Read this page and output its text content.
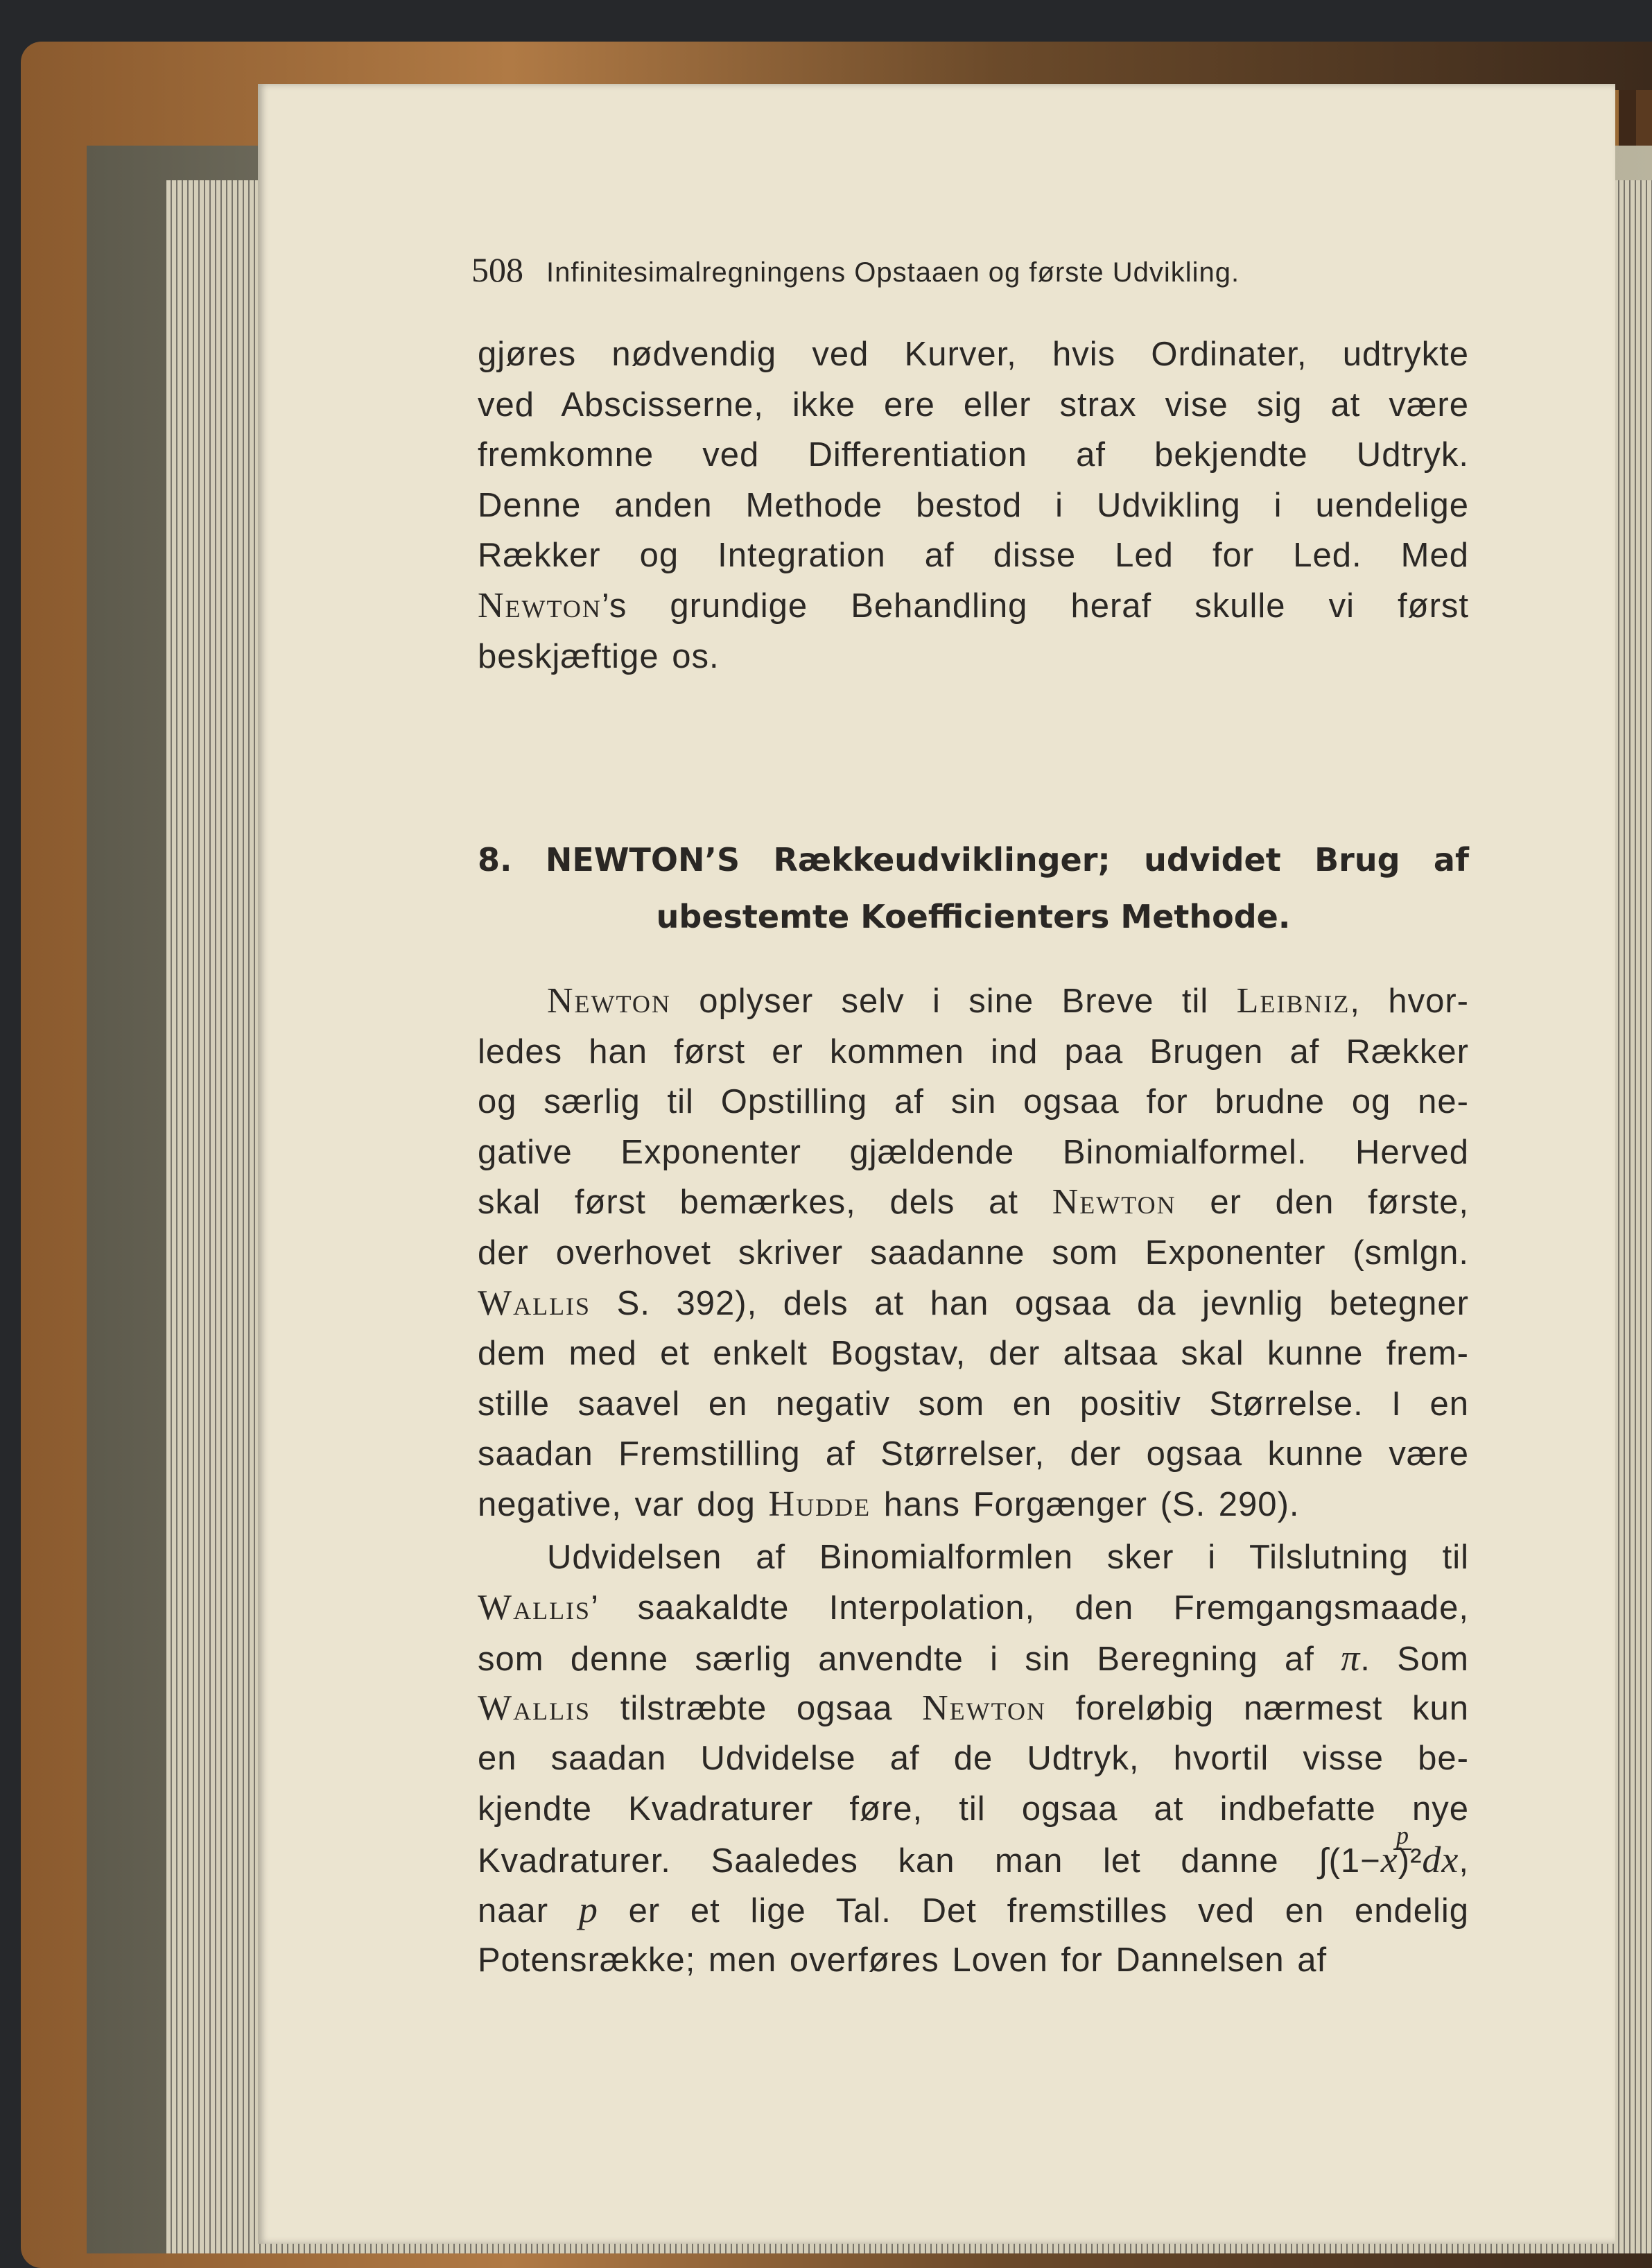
508 Infinitesimalregningens Opstaaen og første Udvikling.
gjøres nødvendig ved Kurver, hvis Ordinater, udtrykte
ved Abscisserne, ikke ere eller strax vise sig at være
fremkomne ved Differentiation af bekjendte Udtryk.
Denne anden Methode bestod i Udvikling i uendelige
Rækker og Integration af disse Led for Led. Med
Newton’s grundige Behandling heraf skulle vi først
beskjæftige os.
8. NEWTON’S Rækkeudviklinger; udvidet Brug af
ubestemte Koefficienters Methode.
  Newton oplyser selv i sine Breve til Leibniz, hvor-
ledes han først er kommen ind paa Brugen af Rækker
og særlig til Opstilling af sin ogsaa for brudne og ne-
gative Exponenter gjældende Binomialformel. Herved
skal først bemærkes, dels at Newton er den første,
der overhovet skriver saadanne som Exponenter (smlgn.
Wallis S. 392), dels at han ogsaa da jevnlig betegner
dem med et enkelt Bogstav, der altsaa skal kunne frem-
stille saavel en negativ som en positiv Størrelse. I en
saadan Fremstilling af Størrelser, der ogsaa kunne være
negative, var dog Hudde hans Forgænger (S. 290).
  Udvidelsen af Binomialformlen sker i Tilslutning til
Wallis’ saakaldte Interpolation, den Fremgangsmaade,
som denne særlig anvendte i sin Beregning af π. Som
Wallis tilstræbte ogsaa Newton foreløbig nærmest kun
en saadan Udvidelse af de Udtryk, hvortil visse be-
kjendte Kvadraturer føre, til ogsaa at indbefatte nye
Kvadraturer. Saaledes kan man let danne ∫(1−x)²dx,
naar p er et lige Tal. Det fremstilles ved en endelig
Potensrække; men overføres Loven for Dannelsen af
p
